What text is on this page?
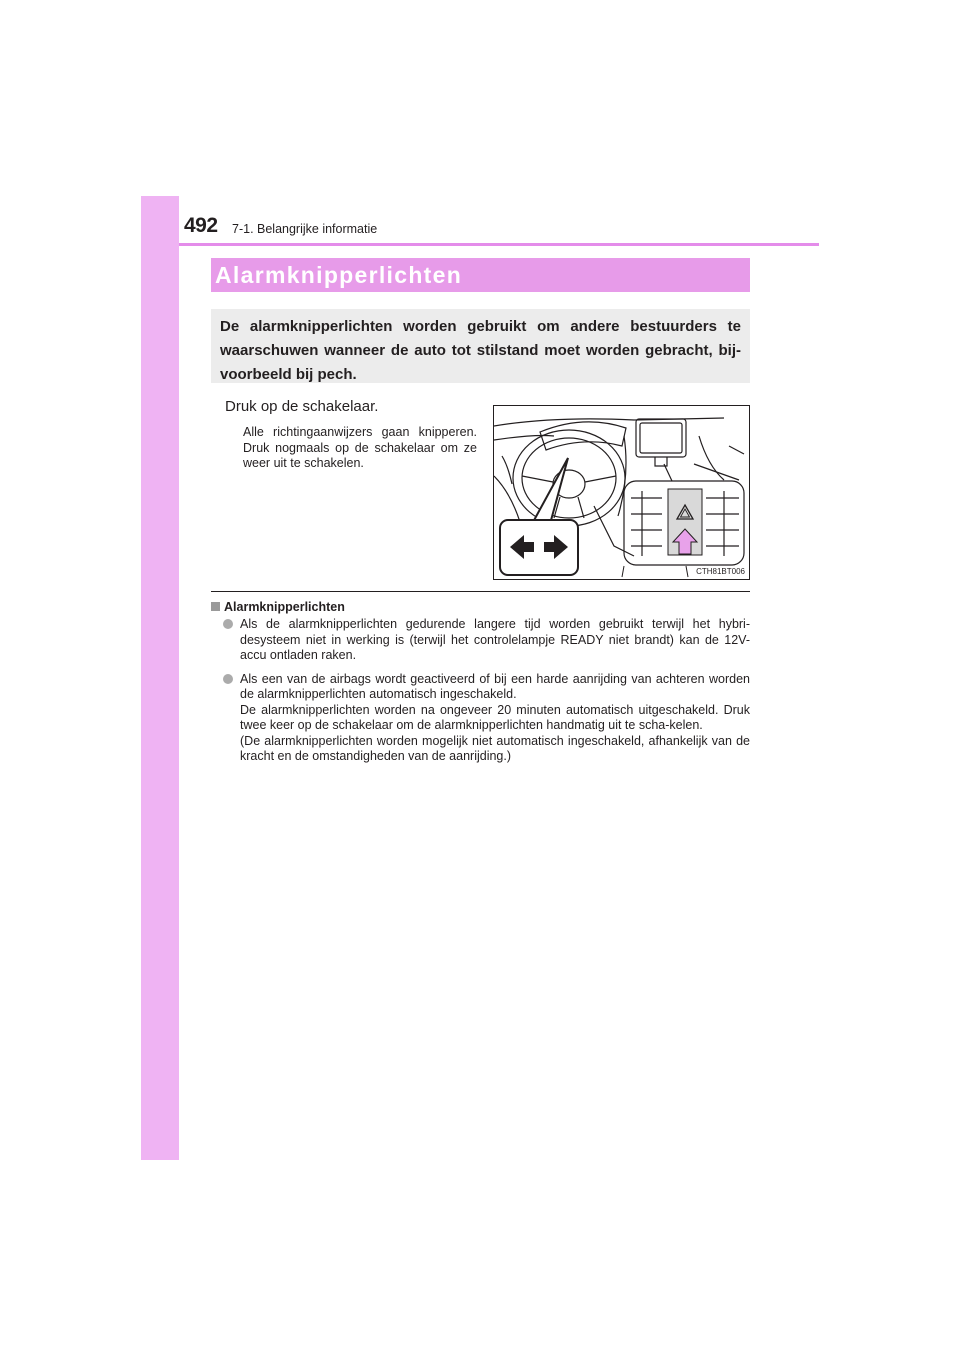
492 7-1. Belangrijke informatie
Alarmknipperlichten
De alarmknipperlichten worden gebruikt om andere bestuurders te waarschuwen wanneer de auto tot stilstand moet worden gebracht, bij-voorbeeld bij pech.
Druk op de schakelaar.
Alle richtingaanwijzers gaan knipperen. Druk nogmaals op de schakelaar om ze weer uit te schakelen.
CTH81BT006
Alarmknipperlichten
Als de alarmknipperlichten gedurende langere tijd worden gebruikt terwijl het hybri-desysteem niet in werking is (terwijl het controlelampje READY niet brandt) kan de 12V-accu ontladen raken.
Als een van de airbags wordt geactiveerd of bij een harde aanrijding van achteren worden de alarmknipperlichten automatisch ingeschakeld.
De alarmknipperlichten worden na ongeveer 20 minuten automatisch uitgeschakeld. Druk twee keer op de schakelaar om de alarmknipperlichten handmatig uit te scha-kelen.
(De alarmknipperlichten worden mogelijk niet automatisch ingeschakeld, afhankelijk van de kracht en de omstandigheden van de aanrijding.)
